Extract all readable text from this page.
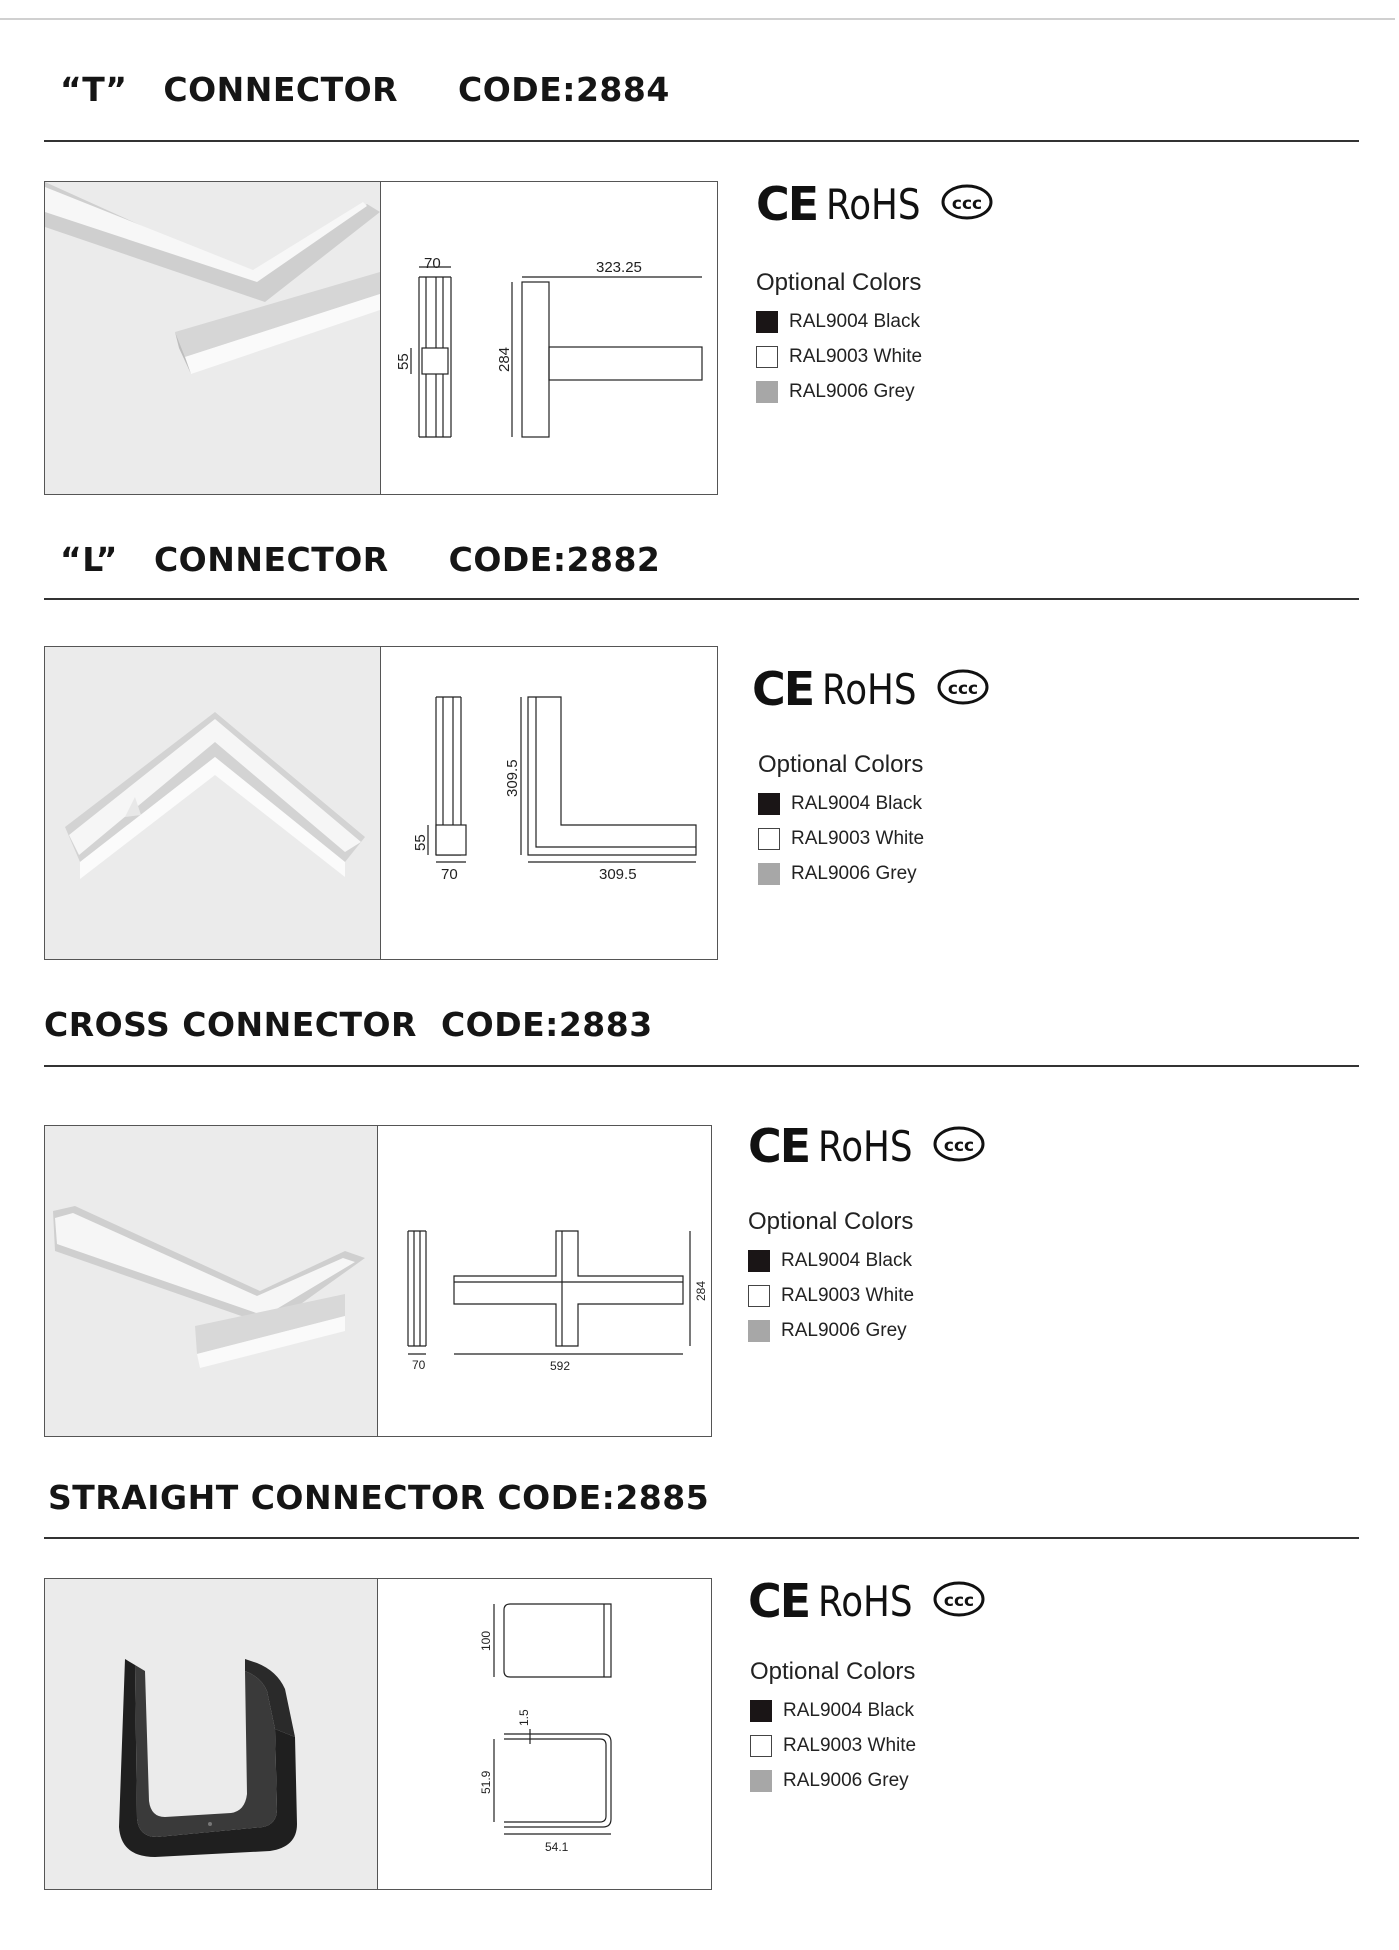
“T”   CONNECTOR     CODE:2884
70	323.25
55	284
CE RoHS ccc
Optional Colors
RAL9004 Black
RAL9003 White
RAL9006 Grey
“L”   CONNECTOR     CODE:2882
309.5
55
70	309.5
CE RoHS ccc
Optional Colors
RAL9004 Black
RAL9003 White
RAL9006 Grey
CROSS CONNECTOR  CODE:2883
284
70	592
CE RoHS ccc
Optional Colors
RAL9004 Black
RAL9003 White
RAL9006 Grey
STRAIGHT CONNECTOR CODE:2885
100
1.5
51.9
54.1
CE RoHS ccc
Optional Colors
RAL9004 Black
RAL9003 White
RAL9006 Grey
